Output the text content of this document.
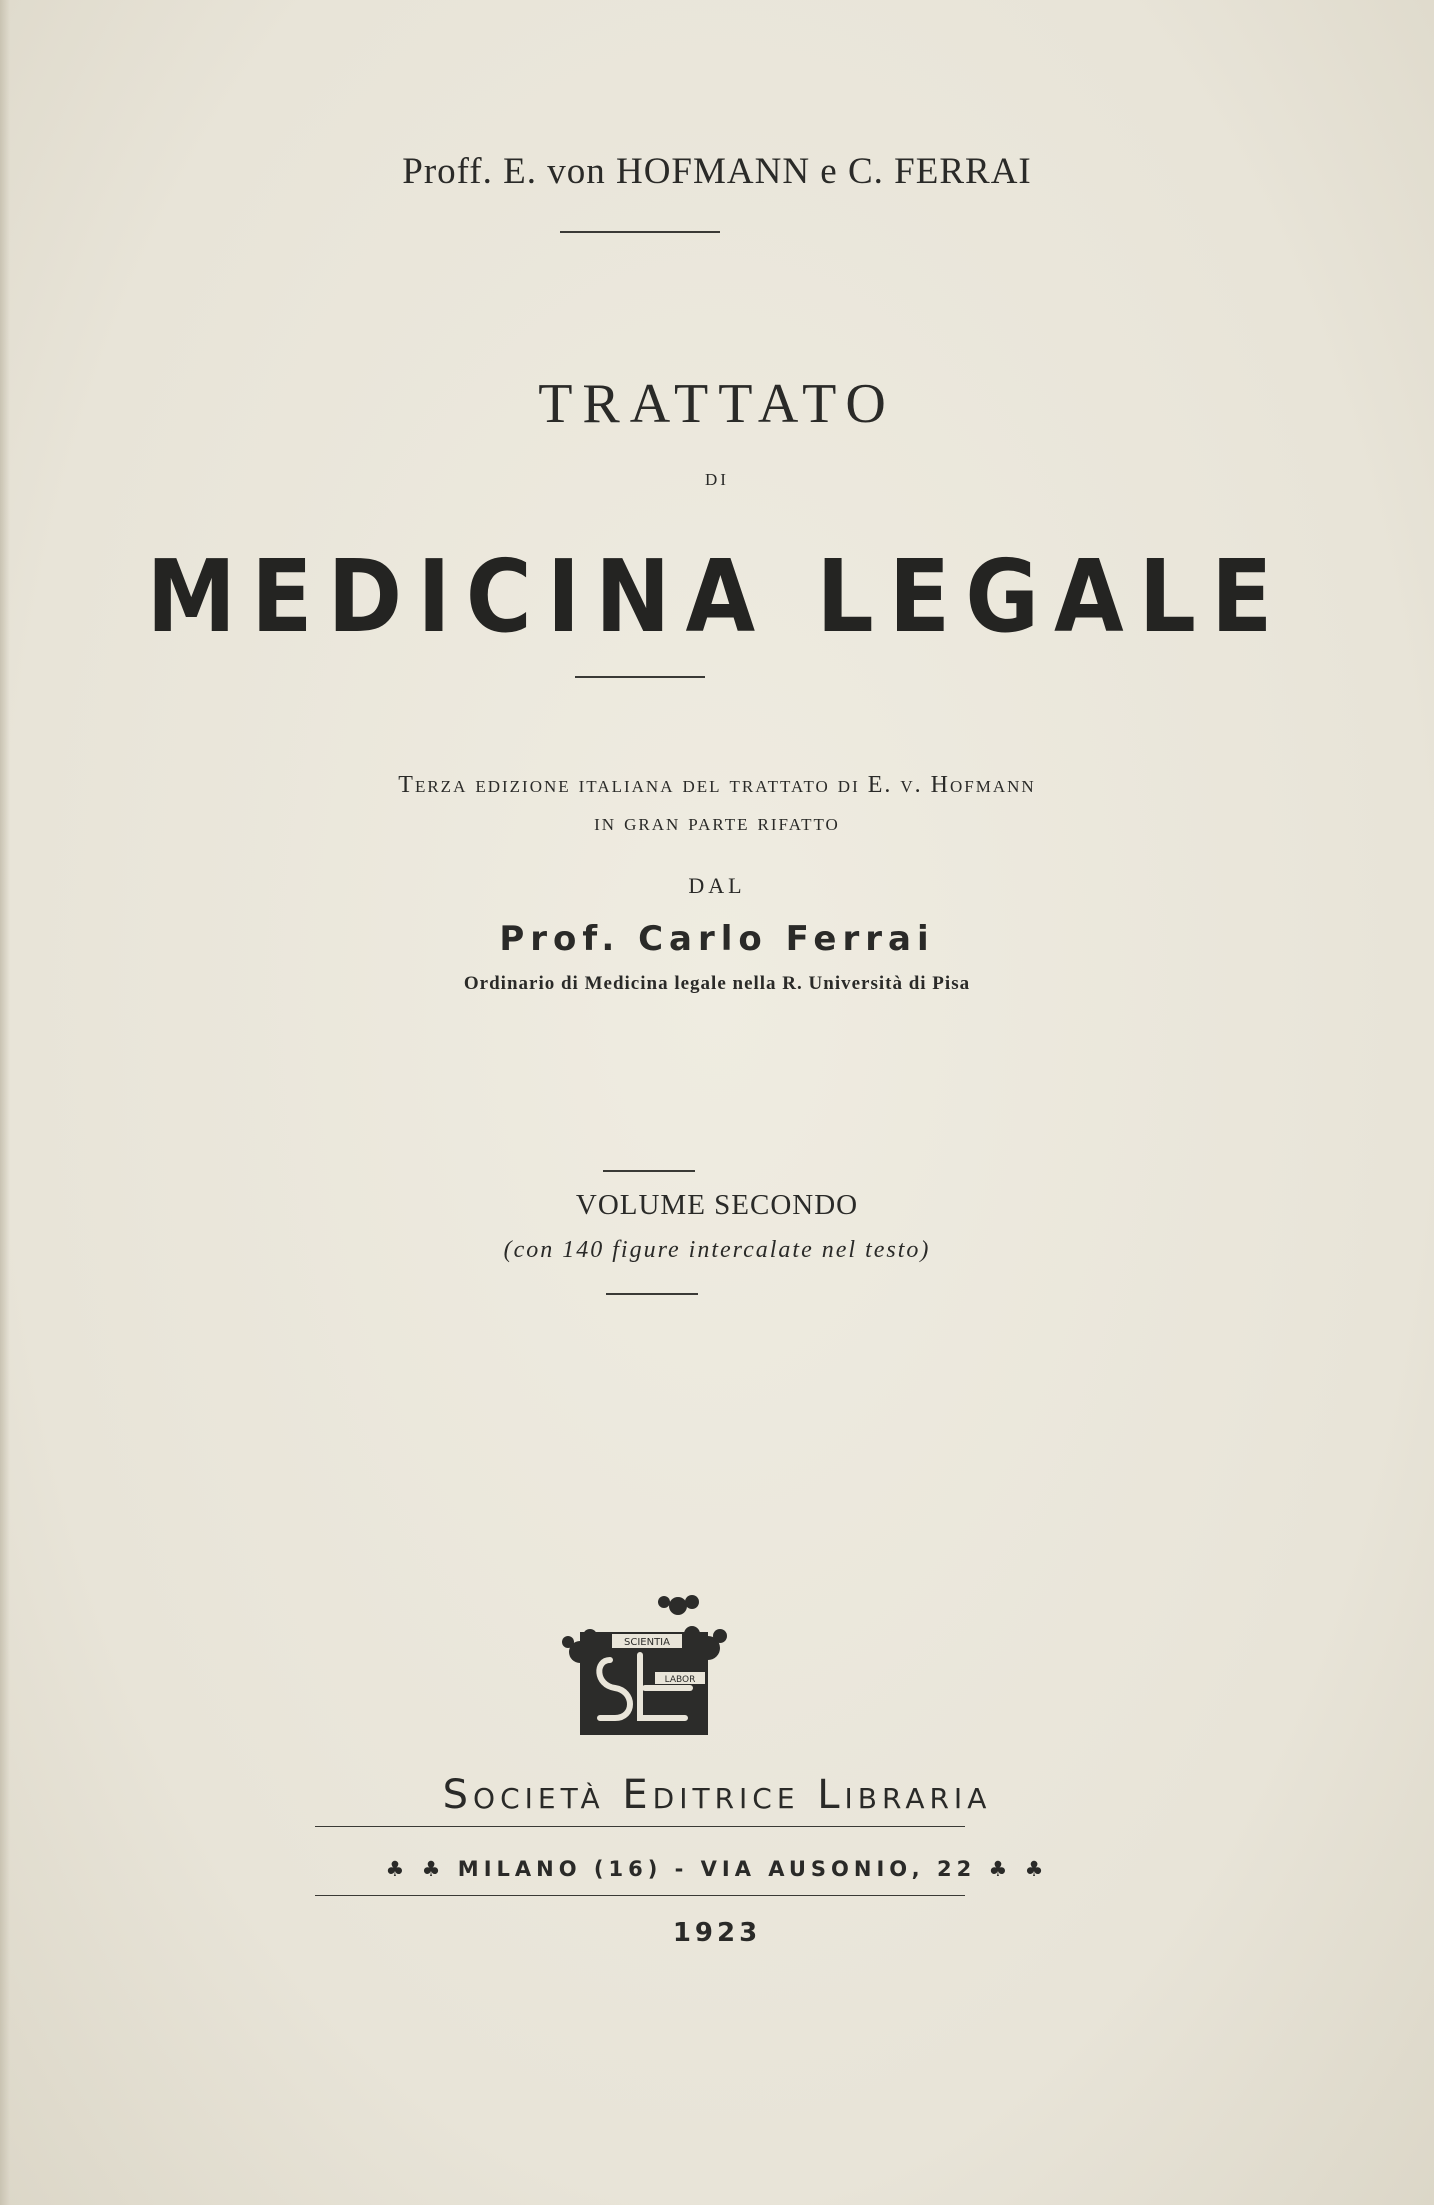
Proff. E. von HOFMANN e C. FERRAI
TRATTATO
DI
MEDICINA LEGALE
Terza edizione italiana del trattato di E. v. Hofmann
in gran parte rifatto
DAL
Prof. Carlo Ferrai
Ordinario di Medicina legale nella R. Università di Pisa
VOLUME SECONDO
(con 140 figure intercalate nel testo)
SCIENTIA
LABOR
Società Editrice Libraria
♣ ♣ MILANO (16) - VIA AUSONIO, 22 ♣ ♣
1923
